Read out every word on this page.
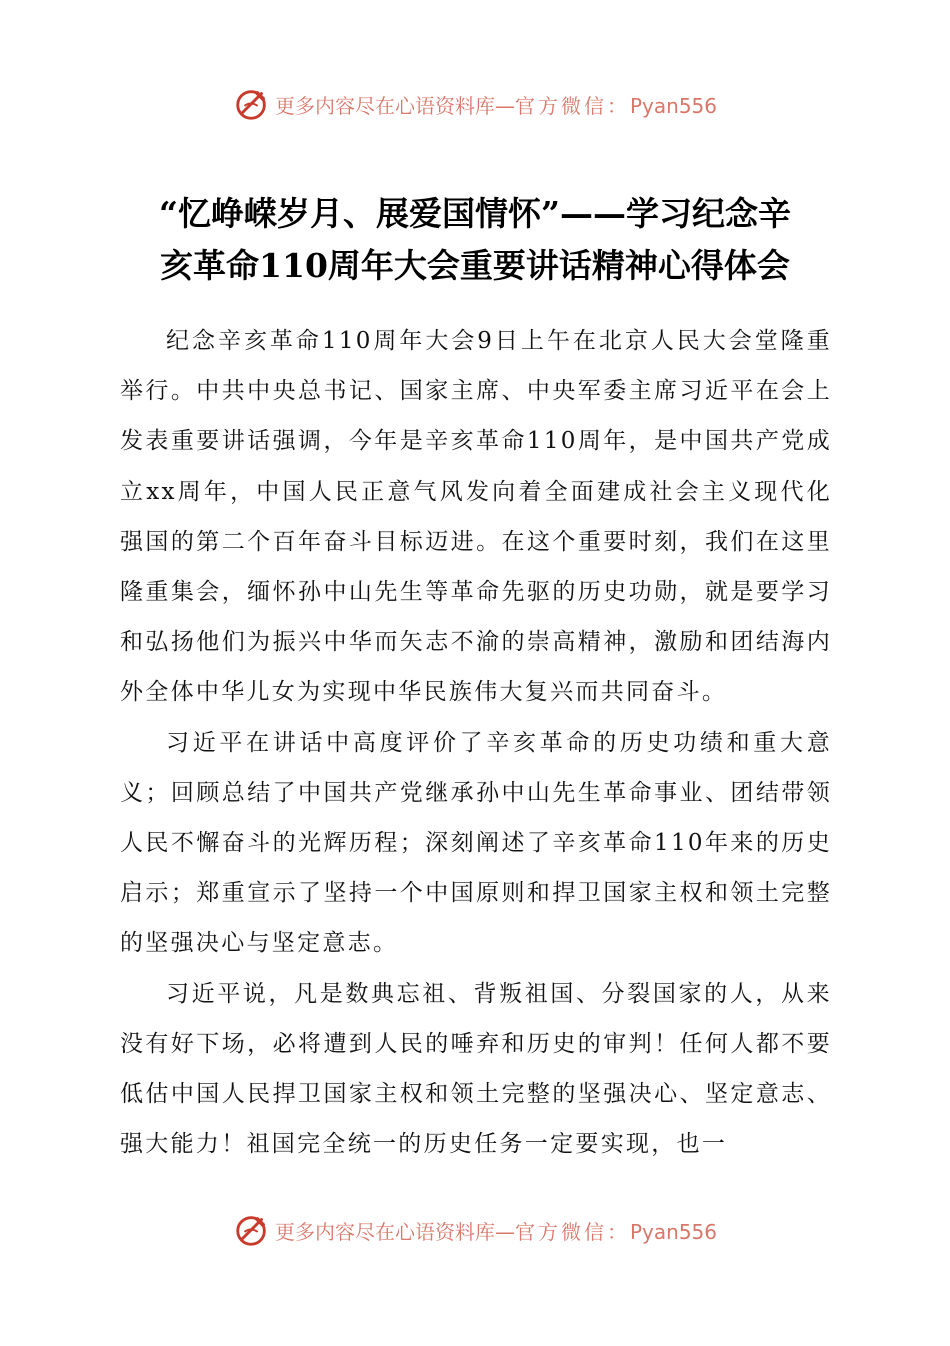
更多内容尽在心语资料库—官方微信：Pyan556
“忆峥嵘岁月、展爱国情怀”——学习纪念辛
亥革命110周年大会重要讲话精神心得体会

纪念辛亥革命110周年大会9日上午在北京人民大会堂隆重举行。中共中央总书记、国家主席、中央军委主席习近平在会上发表重要讲话强调，今年是辛亥革命110周年，是中国共产党成立xx周年，中国人民正意气风发向着全面建成社会主义现代化强国的第二个百年奋斗目标迈进。在这个重要时刻，我们在这里隆重集会，缅怀孙中山先生等革命先驱的历史功勋，就是要学习和弘扬他们为振兴中华而矢志不渝的崇高精神，激励和团结海内外全体中华儿女为实现中华民族伟大复兴而共同奋斗。

习近平在讲话中高度评价了辛亥革命的历史功绩和重大意义；回顾总结了中国共产党继承孙中山先生革命事业、团结带领人民不懈奋斗的光辉历程；深刻阐述了辛亥革命110年来的历史启示；郑重宣示了坚持一个中国原则和捍卫国家主权和领土完整的坚强决心与坚定意志。

习近平说，凡是数典忘祖、背叛祖国、分裂国家的人，从来没有好下场，必将遭到人民的唾弃和历史的审判！任何人都不要低估中国人民捍卫国家主权和领土完整的坚强决心、坚定意志、强大能力！祖国完全统一的历史任务一定要实现，也一

更多内容尽在心语资料库—官方微信：Pyan556
